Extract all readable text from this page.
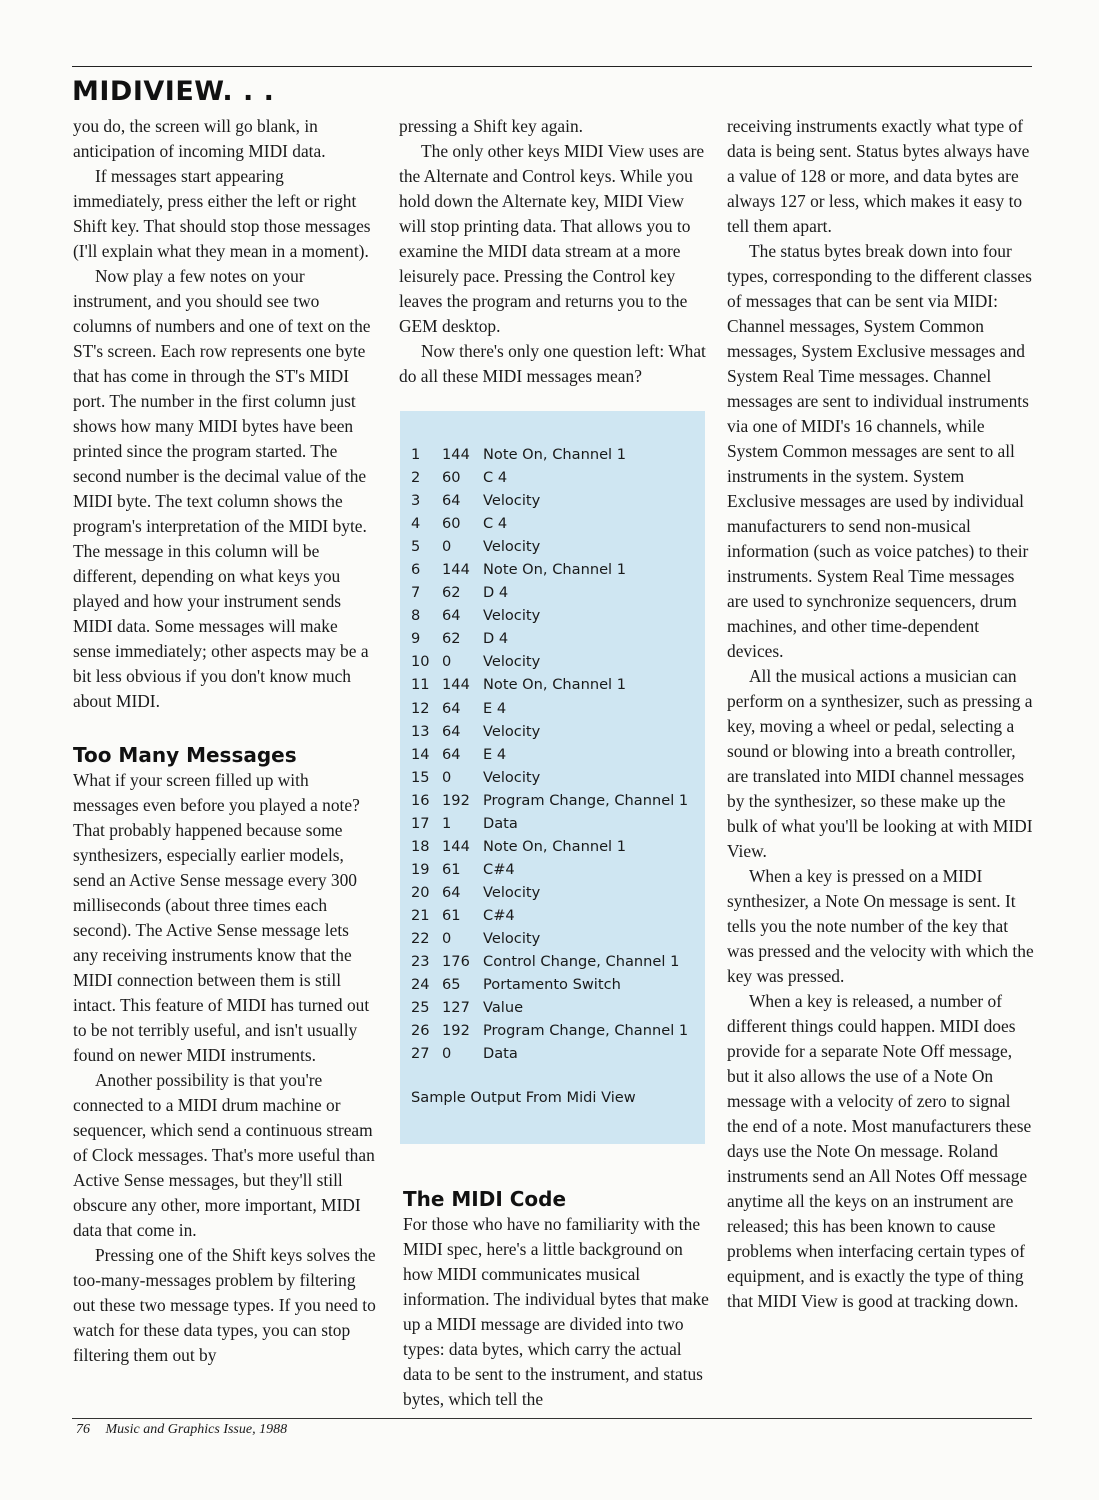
MIDIVIEW. . .

you do, the screen will go blank, in anticipation of incoming MIDI data.

If messages start appearing immediately, press either the left or right Shift key. That should stop those messages (I'll explain what they mean in a moment).

Now play a few notes on your instrument, and you should see two columns of numbers and one of text on the ST's screen. Each row represents one byte that has come in through the ST's MIDI port. The number in the first column just shows how many MIDI bytes have been printed since the program started. The second number is the decimal value of the MIDI byte. The text column shows the program's interpretation of the MIDI byte. The message in this column will be different, depending on what keys you played and how your instrument sends MIDI data. Some messages will make sense immediately; other aspects may be a bit less obvious if you don't know much about MIDI.

Too Many Messages

What if your screen filled up with messages even before you played a note? That probably happened because some synthesizers, especially earlier models, send an Active Sense message every 300 milliseconds (about three times each second). The Active Sense message lets any receiving instruments know that the MIDI connection between them is still intact. This feature of MIDI has turned out to be not terribly useful, and isn't usually found on newer MIDI instruments.

Another possibility is that you're connected to a MIDI drum machine or sequencer, which send a continuous stream of Clock messages. That's more useful than Active Sense messages, but they'll still obscure any other, more important, MIDI data that come in.

Pressing one of the Shift keys solves the too-many-messages problem by filtering out these two message types. If you need to watch for these data types, you can stop filtering them out by

pressing a Shift key again.

The only other keys MIDI View uses are the Alternate and Control keys. While you hold down the Alternate key, MIDI View will stop printing data. That allows you to examine the MIDI data stream at a more leisurely pace. Pressing the Control key leaves the program and returns you to the GEM desktop.

Now there's only one question left: What do all these MIDI messages mean?

1 144 Note On, Channel 1
2 60 C 4
3 64 Velocity
4 60 C 4
5 0 Velocity
6 144 Note On, Channel 1
7 62 D 4
8 64 Velocity
9 62 D 4
10 0 Velocity
11 144 Note On, Channel 1
12 64 E 4
13 64 Velocity
14 64 E 4
15 0 Velocity
16 192 Program Change, Channel 1
17 1 Data
18 144 Note On, Channel 1
19 61 C#4
20 64 Velocity
21 61 C#4
22 0 Velocity
23 176 Control Change, Channel 1
24 65 Portamento Switch
25 127 Value
26 192 Program Change, Channel 1
27 0 Data
Sample Output From Midi View
The MIDI Code

For those who have no familiarity with the MIDI spec, here's a little background on how MIDI communicates musical information. The individual bytes that make up a MIDI message are divided into two types: data bytes, which carry the actual data to be sent to the instrument, and status bytes, which tell the

receiving instruments exactly what type of data is being sent. Status bytes always have a value of 128 or more, and data bytes are always 127 or less, which makes it easy to tell them apart.

The status bytes break down into four types, corresponding to the different classes of messages that can be sent via MIDI: Channel messages, System Common messages, System Exclusive messages and System Real Time messages. Channel messages are sent to individual instruments via one of MIDI's 16 channels, while System Common messages are sent to all instruments in the system. System Exclusive messages are used by individual manufacturers to send non-musical information (such as voice patches) to their instruments. System Real Time messages are used to synchronize sequencers, drum machines, and other time-dependent devices.

All the musical actions a musician can perform on a synthesizer, such as pressing a key, moving a wheel or pedal, selecting a sound or blowing into a breath controller, are translated into MIDI channel messages by the synthesizer, so these make up the bulk of what you'll be looking at with MIDI View.

When a key is pressed on a MIDI synthesizer, a Note On message is sent. It tells you the note number of the key that was pressed and the velocity with which the key was pressed.

When a key is released, a number of different things could happen. MIDI does provide for a separate Note Off message, but it also allows the use of a Note On message with a velocity of zero to signal the end of a note. Most manufacturers these days use the Note On message. Roland instruments send an All Notes Off message anytime all the keys on an instrument are released; this has been known to cause problems when interfacing certain types of equipment, and is exactly the type of thing that MIDI View is good at tracking down.

76 Music and Graphics Issue, 1988
